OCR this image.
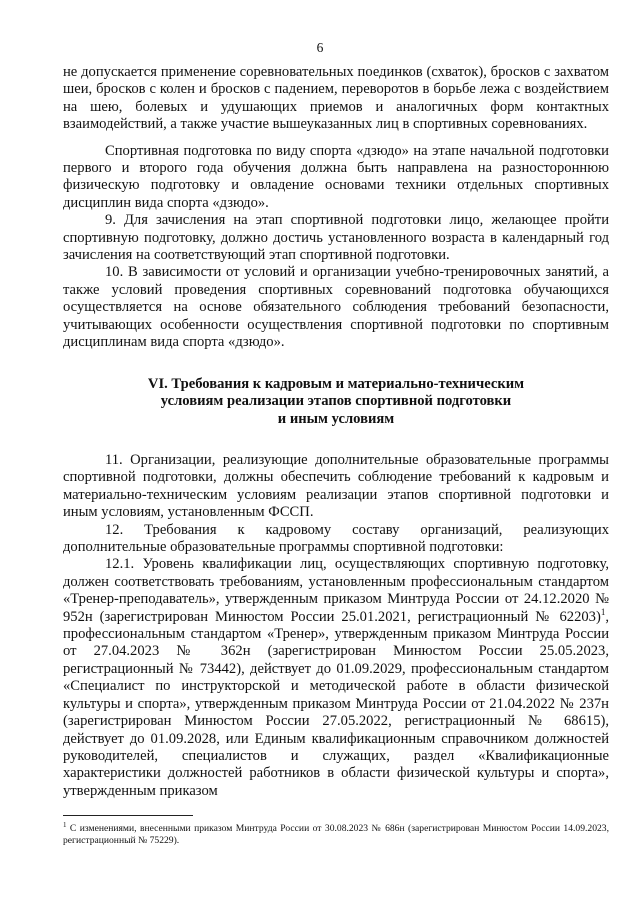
6

не допускается применение соревновательных поединков (схваток), бросков с захватом шеи, бросков с колен и бросков с падением, переворотов в борьбе лежа с воздействием на шею, болевых и удушающих приемов и аналогичных форм контактных взаимодействий, а также участие вышеуказанных лиц в спортивных соревнованиях.

Спортивная подготовка по виду спорта «дзюдо» на этапе начальной подготовки первого и второго года обучения должна быть направлена на разностороннюю физическую подготовку и овладение основами техники отдельных спортивных дисциплин вида спорта «дзюдо».

9. Для зачисления на этап спортивной подготовки лицо, желающее пройти спортивную подготовку, должно достичь установленного возраста в календарный год зачисления на соответствующий этап спортивной подготовки.

10. В зависимости от условий и организации учебно-тренировочных занятий, а также условий проведения спортивных соревнований подготовка обучающихся осуществляется на основе обязательного соблюдения требований безопасности, учитывающих особенности осуществления спортивной подготовки по спортивным дисциплинам вида спорта «дзюдо».

VI. Требования к кадровым и материально-техническим
условиям реализации этапов спортивной подготовки
и иным условиям

11. Организации, реализующие дополнительные образовательные программы спортивной подготовки, должны обеспечить соблюдение требований к кадровым и материально-техническим условиям реализации этапов спортивной подготовки и иным условиям, установленным ФССП.

12. Требования к кадровому составу организаций, реализующих дополнительные образовательные программы спортивной подготовки:

12.1. Уровень квалификации лиц, осуществляющих спортивную подготовку, должен соответствовать требованиям, установленным профессиональным стандартом «Тренер-преподаватель», утвержденным приказом Минтруда России от 24.12.2020 № 952н (зарегистрирован Минюстом России 25.01.2021, регистрационный № 62203)$^1$, профессиональным стандартом «Тренер», утвержденным приказом Минтруда России от 27.04.2023 № 362н (зарегистрирован Минюстом России 25.05.2023, регистрационный № 73442), действует до 01.09.2029, профессиональным стандартом «Специалист по инструкторской и методической работе в области физической культуры и спорта», утвержденным приказом Минтруда России от 21.04.2022 № 237н (зарегистрирован Минюстом России 27.05.2022, регистрационный № 68615), действует до 01.09.2028, или Единым квалификационным справочником должностей руководителей, специалистов и служащих, раздел «Квалификационные характеристики должностей работников в области физической культуры и спорта», утвержденным приказом

$^1$ С изменениями, внесенными приказом Минтруда России от 30.08.2023 № 686н (зарегистрирован Минюстом России 14.09.2023, регистрационный № 75229).
